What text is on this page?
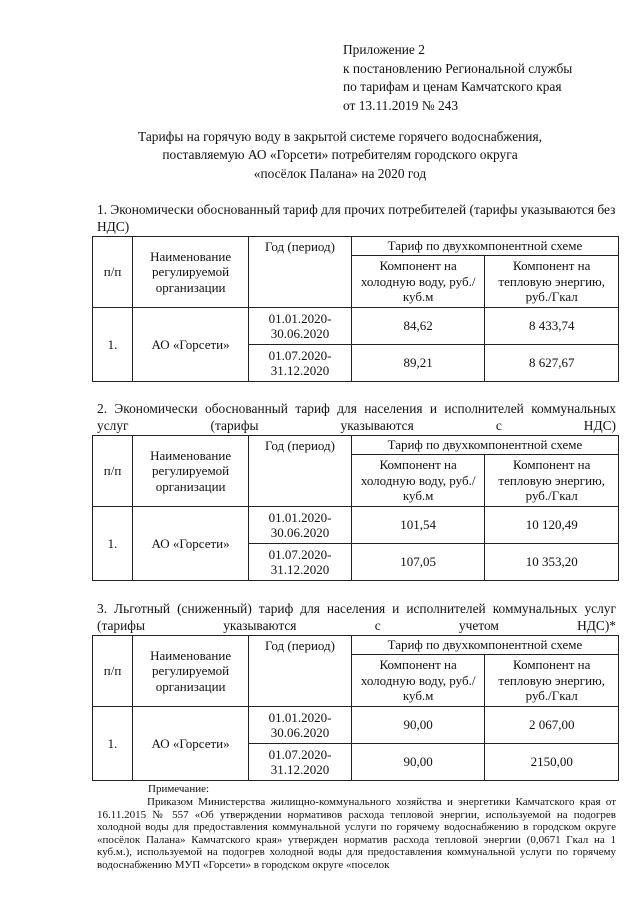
Приложение 2
к постановлению Региональной службы
по тарифам и ценам Камчатского края
от 13.11.2019 № 243
Тарифы на горячую воду в закрытой системе горячего водоснабжения,
поставляемую АО «Горсети» потребителям городского округа
«посёлок Палана» на 2020 год
1. Экономически обоснованный тариф для прочих потребителей (тарифы указываются без НДС)
п/п	Наименование регулируемой организации	Год (период)	Тариф по двухкомпонентной схеме	
			Компонент на холодную воду, руб./куб.м	Компонент на тепловую энергию, руб./Гкал
1.	АО «Горсети»	01.01.2020-30.06.2020	84,62	8 433,74
		01.07.2020-31.12.2020	89,21	8 627,67
2. Экономически обоснованный тариф для населения и исполнителей коммунальных услуг (тарифы указываются с НДС)
п/п	Наименование регулируемой организации	Год (период)	Тариф по двухкомпонентной схеме	
			Компонент на холодную воду, руб./куб.м	Компонент на тепловую энергию, руб./Гкал
1.	АО «Горсети»	01.01.2020-30.06.2020	101,54	10 120,49
		01.07.2020-31.12.2020	107,05	10 353,20
3. Льготный (сниженный) тариф для населения и исполнителей коммунальных услуг (тарифы указываются с учетом НДС)*
п/п	Наименование регулируемой организации	Год (период)	Тариф по двухкомпонентной схеме	
			Компонент на холодную воду, руб./куб.м	Компонент на тепловую энергию, руб./Гкал
1.	АО «Горсети»	01.01.2020-30.06.2020	90,00	2 067,00
		01.07.2020-31.12.2020	90,00	2150,00
Примечание:
Приказом Министерства жилищно-коммунального хозяйства и энергетики Камчатского края от 16.11.2015 № 557 «Об утверждении нормативов расхода тепловой энергии, используемой на подогрев холодной воды для предоставления коммунальной услуги по горячему водоснабжению в городском округе «посёлок Палана» Камчатского края» утвержден норматив расхода тепловой энергии (0,0671 Гкал на 1 куб.м.), используемой на подогрев холодной воды для предоставления коммунальной услуги по горячему водоснабжению МУП «Горсети» в городском округе «поселок
